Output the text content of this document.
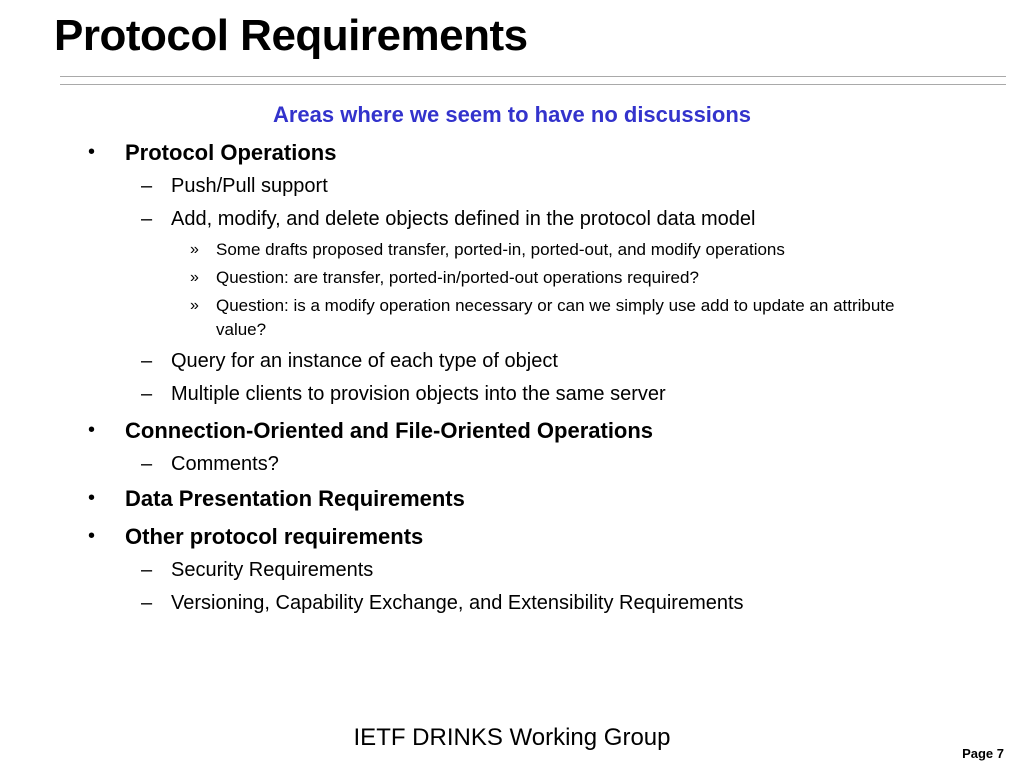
Protocol Requirements
Areas where we seem to have no discussions
• Protocol Operations
– Push/Pull support
– Add, modify, and delete objects defined in the protocol data model
» Some drafts proposed transfer, ported-in, ported-out, and modify operations
» Question: are transfer, ported-in/ported-out operations required?
» Question: is a modify operation necessary or can we simply use add to update an attribute value?
– Query for an instance of each type of object
– Multiple clients to provision objects into the same server
• Connection-Oriented and File-Oriented Operations
– Comments?
• Data Presentation Requirements
• Other protocol requirements
– Security Requirements
– Versioning, Capability Exchange, and Extensibility Requirements
IETF DRINKS Working Group
Page 7
